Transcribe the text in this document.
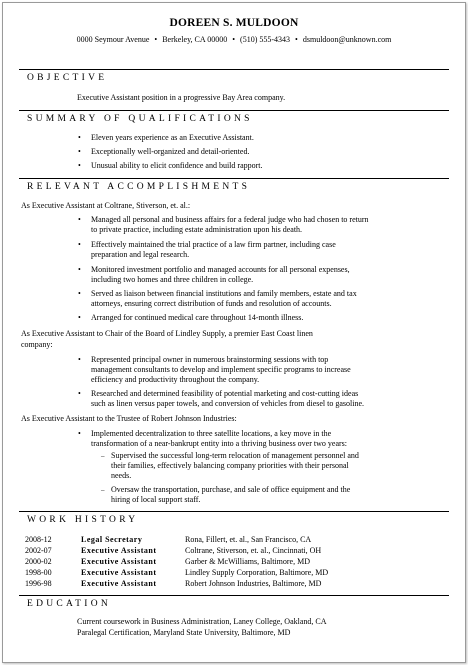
DOREEN S. MULDOON
0000 Seymour Avenue • Berkeley, CA 00000 • (510) 555-4343 • dsmuldoon@unknown.com
OBJECTIVE
Executive Assistant position in a progressive Bay Area company.
SUMMARY OF QUALIFICATIONS
• Eleven years experience as an Executive Assistant.

• Exceptionally well-organized and detail-oriented.

• Unusual ability to elicit confidence and build rapport.

RELEVANT ACCOMPLISHMENTS
As Executive Assistant at Coltrane, Stiverson, et. al.:
• Managed all personal and business affairs for a federal judge who had chosen to return

to private practice, including estate administration upon his death.

• Effectively maintained the trial practice of a law firm partner, including case

preparation and legal research.

• Monitored investment portfolio and managed accounts for all personal expenses,

including two homes and three children in college.

• Served as liaison between financial institutions and family members, estate and tax

attorneys, ensuring correct distribution of funds and resolution of accounts.

• Arranged for continued medical care throughout 14-month illness.

As Executive Assistant to Chair of the Board of Lindley Supply, a premier East Coast linen
company:
• Represented principal owner in numerous brainstorming sessions with top

management consultants to develop and implement specific programs to increase

efficiency and productivity throughout the company.

• Researched and determined feasibility of potential marketing and cost-cutting ideas

such as linen versus paper towels, and conversion of vehicles from diesel to gasoline.

As Executive Assistant to the Trustee of Robert Johnson Industries:
• Implemented decentralization to three satellite locations, a key move in the

transformation of a near-bankrupt entity into a thriving business over two years:

– Supervised the successful long-term relocation of management personnel and

their families, effectively balancing company priorities with their personal

needs.

– Oversaw the transportation, purchase, and sale of office equipment and the

hiring of local support staff.

WORK HISTORY
2008-12	Legal Secretary	Rona, Fillert, et. al., San Francisco, CA
2002-07	Executive Assistant	Coltrane, Stiverson, et. al., Cincinnati, OH
2000-02	Executive Assistant	Garber & McWilliams, Baltimore, MD
1998-00	Executive Assistant	Lindley Supply Corporation, Baltimore, MD
1996-98	Executive Assistant	Robert Johnson Industries, Baltimore, MD
EDUCATION
Current coursework in Business Administration, Laney College, Oakland, CA
Paralegal Certification, Maryland State University, Baltimore, MD
